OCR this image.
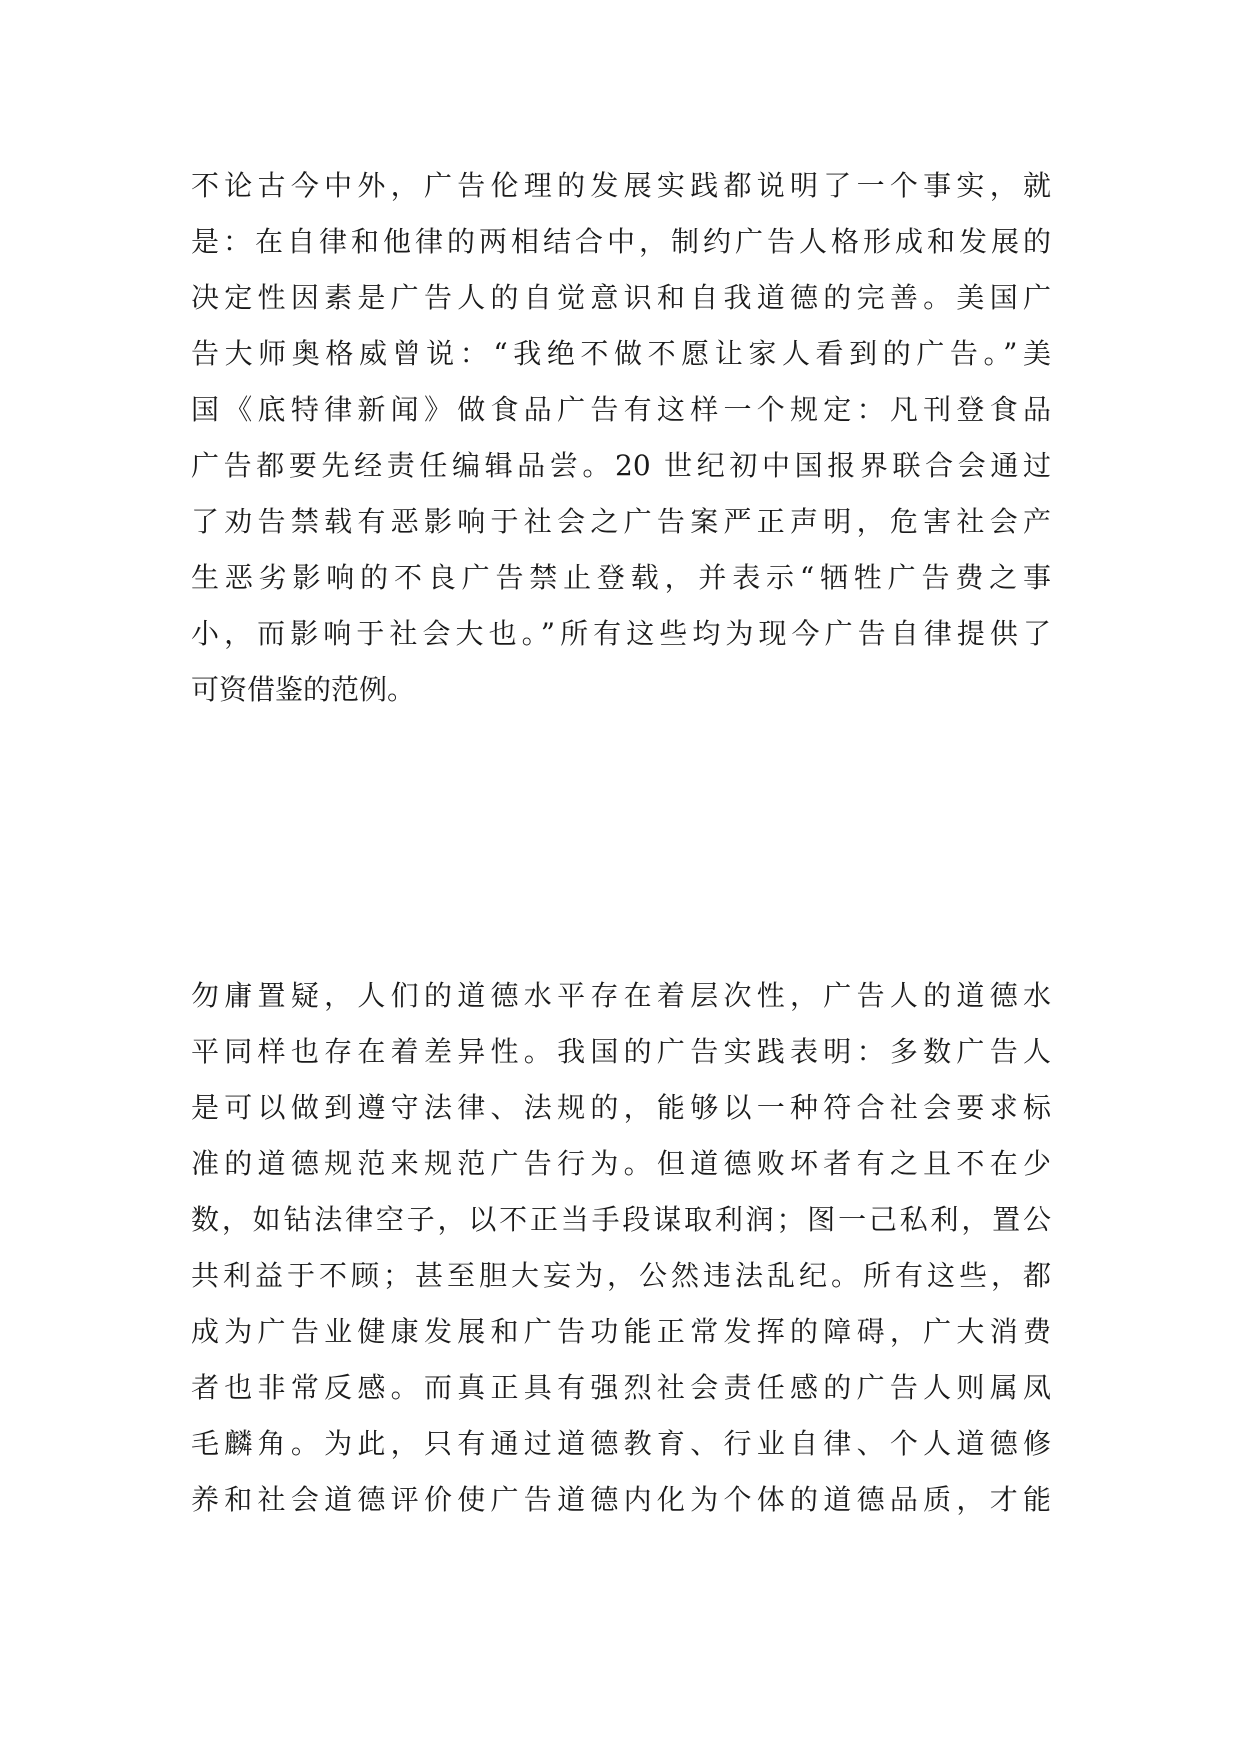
不论古今中外，广告伦理的发展实践都说明了一个事实，就
是：在自律和他律的两相结合中，制约广告人格形成和发展的
决定性因素是广告人的自觉意识和自我道德的完善。美国广
告大师奥格威曾说：“我绝不做不愿让家人看到的广告。”美
国《底特律新闻》做食品广告有这样一个规定：凡刊登食品
广告都要先经责任编辑品尝。20 世纪初中国报界联合会通过
了劝告禁载有恶影响于社会之广告案严正声明，危害社会产
生恶劣影响的不良广告禁止登载，并表示“牺牲广告费之事
小，而影响于社会大也。”所有这些均为现今广告自律提供了
可资借鉴的范例。
勿庸置疑，人们的道德水平存在着层次性，广告人的道德水
平同样也存在着差异性。我国的广告实践表明：多数广告人
是可以做到遵守法律、法规的，能够以一种符合社会要求标
准的道德规范来规范广告行为。但道德败坏者有之且不在少
数，如钻法律空子，以不正当手段谋取利润；图一己私利，置公
共利益于不顾；甚至胆大妄为，公然违法乱纪。所有这些，都
成为广告业健康发展和广告功能正常发挥的障碍，广大消费
者也非常反感。而真正具有强烈社会责任感的广告人则属凤
毛麟角。为此，只有通过道德教育、行业自律、个人道德修
养和社会道德评价使广告道德内化为个体的道德品质，才能
